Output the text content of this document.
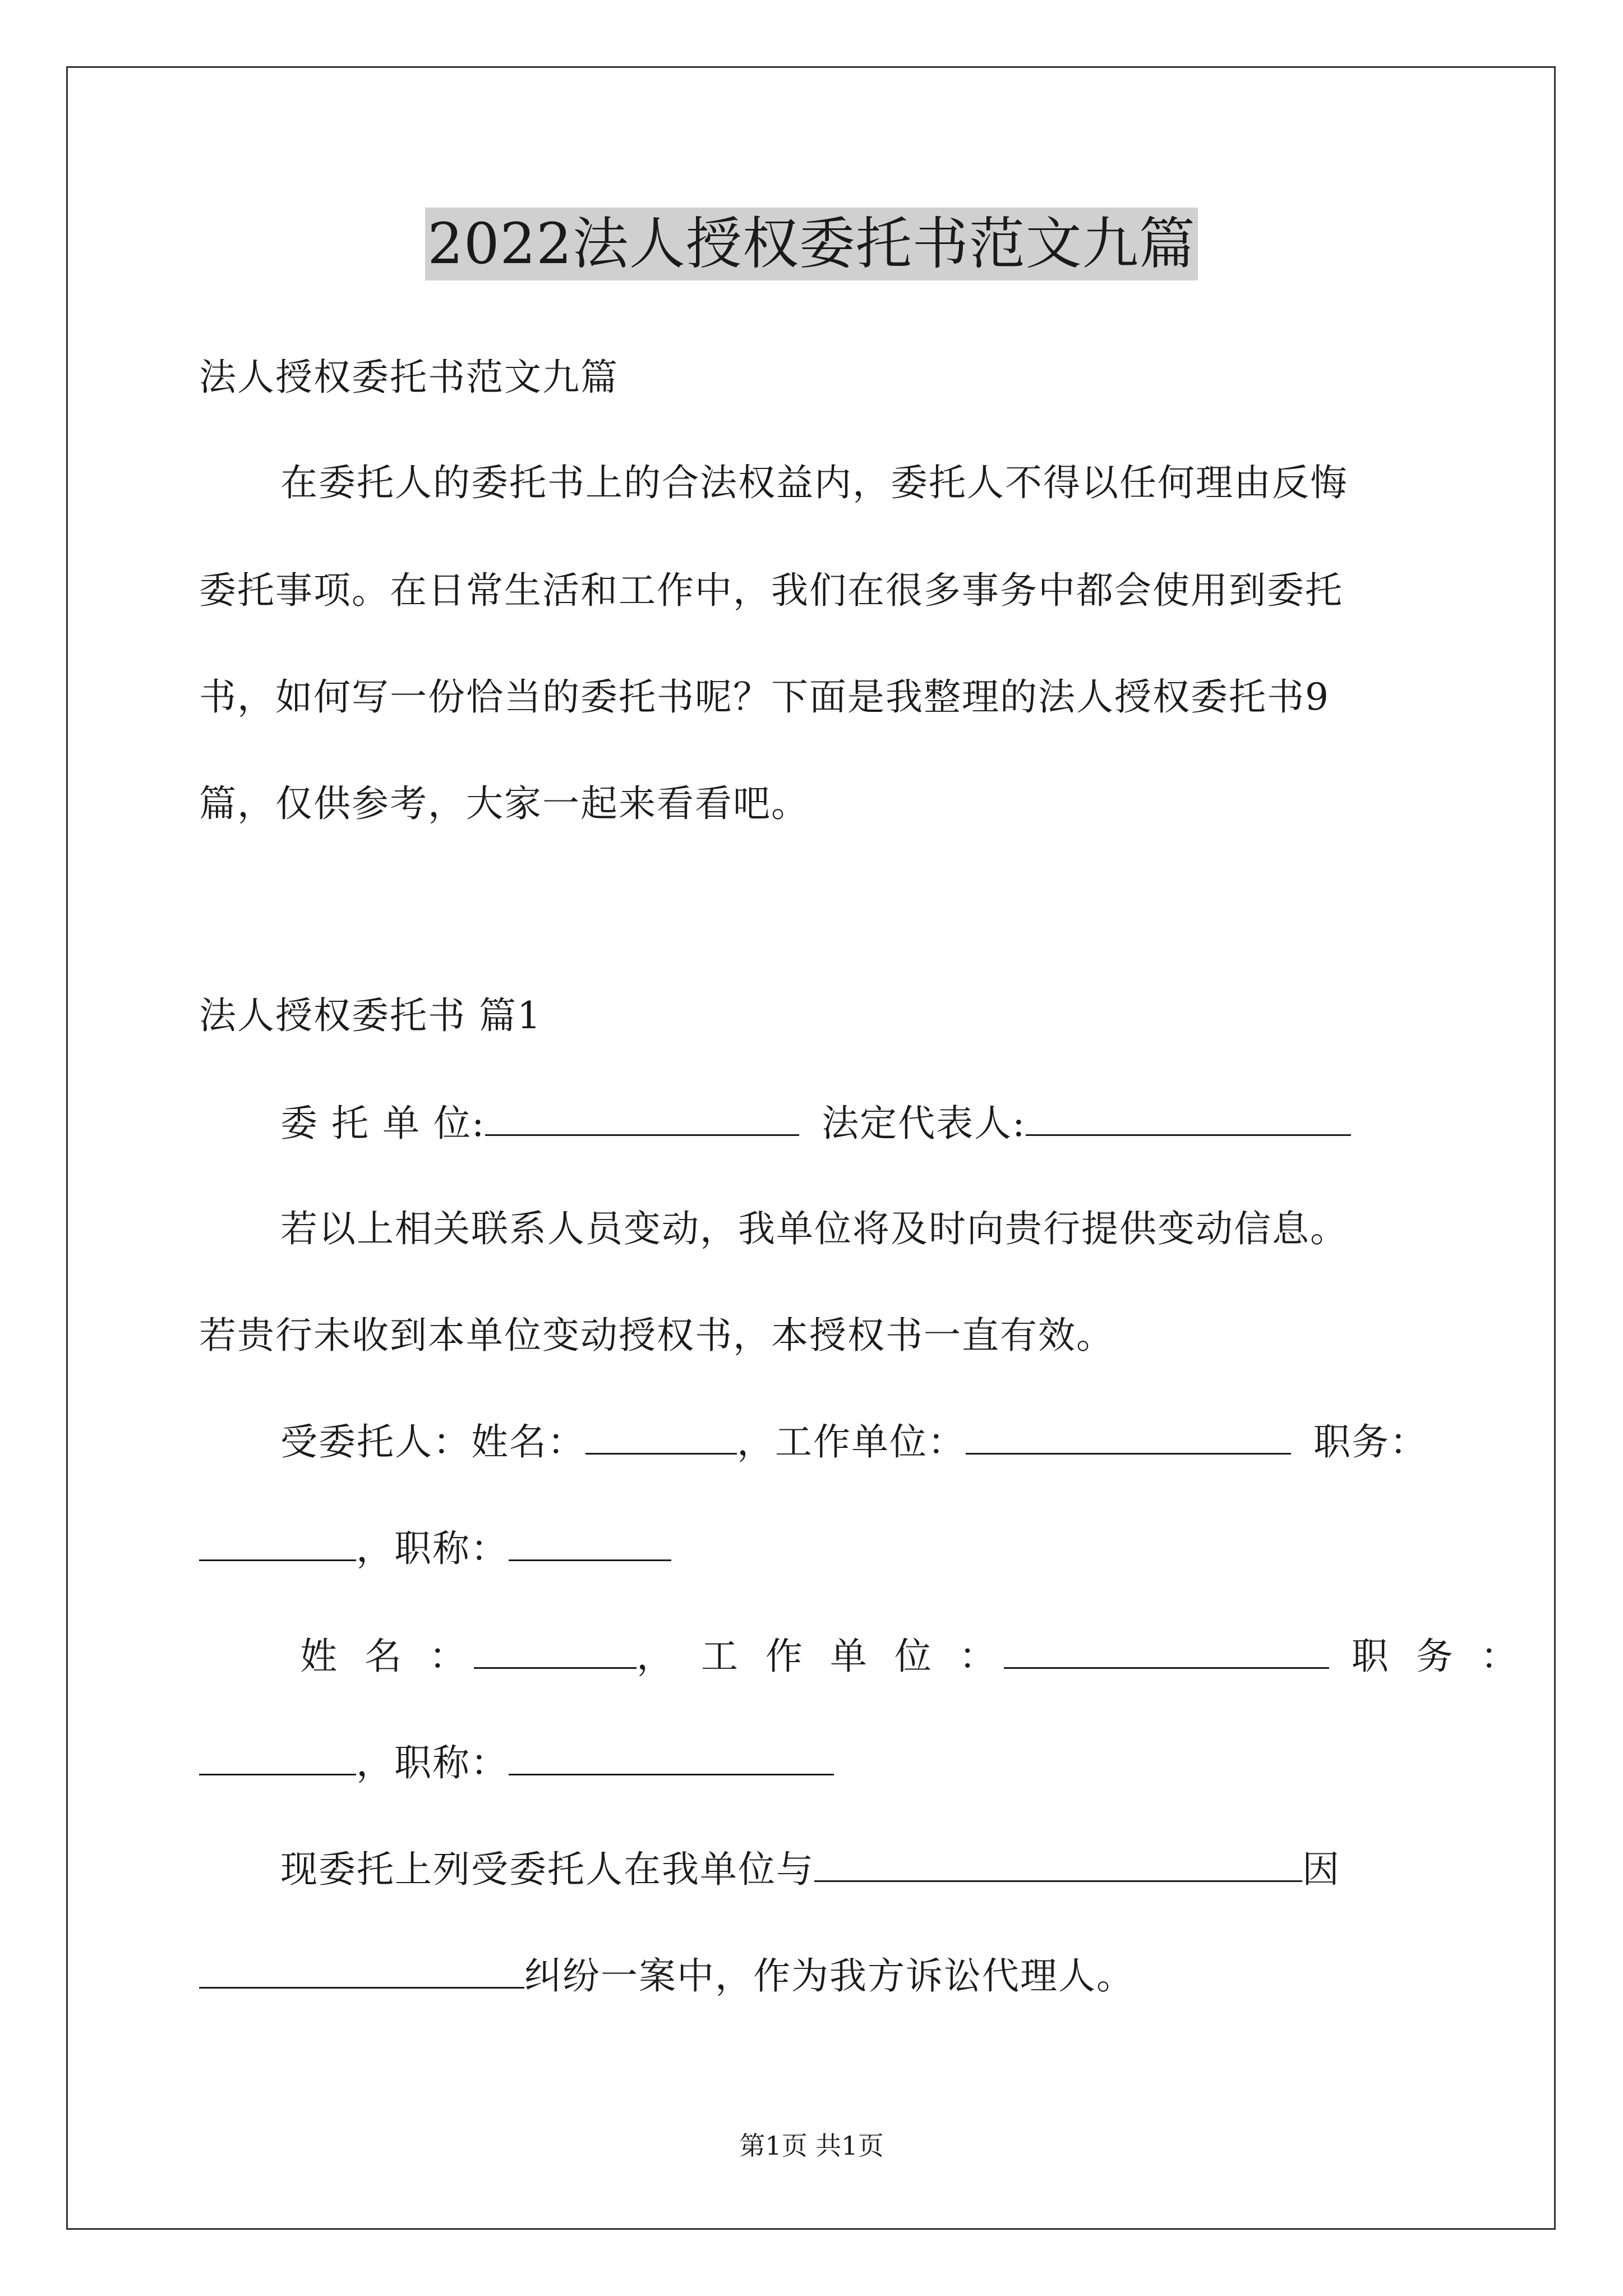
2022法人授权委托书范文九篇
法人授权委托书范文九篇
在委托人的委托书上的合法权益内，委托人不得以任何理由反悔
委托事项。在日常生活和工作中，我们在很多事务中都会使用到委托
书，如何写一份恰当的委托书呢？下面是我整理的法人授权委托书9
篇，仅供参考，大家一起来看看吧。
法人授权委托书 篇1
委 托 单 位:	法定代表人:
若以上相关联系人员变动，我单位将及时向贵行提供变动信息。
若贵行未收到本单位变动授权书，本授权书一直有效。
受委托人：姓名：	，工作单位：	职务：
，职称：
姓 名 ：	， 工 作 单 位 ：	职 务 ：
，职称：
现委托上列受委托人在我单位与	因
纠纷一案中，作为我方诉讼代理人。
第1页 共1页
